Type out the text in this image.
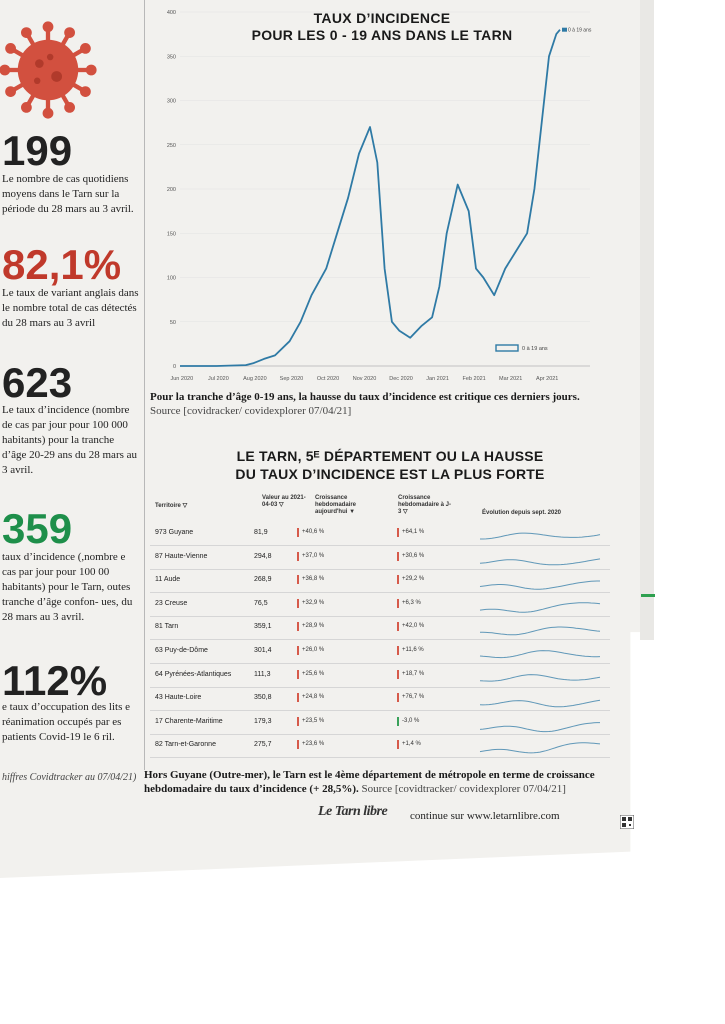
199
Le nombre de cas quotidiens moyens dans le Tarn sur la période du 28 mars au 3 avril.
82,1%
Le taux de variant anglais dans le nombre total de cas détectés du 28 mars au 3 avril
623
Le taux d’incidence (nombre de cas par jour pour 100 000 habitants) pour la tranche d’âge 20-29 ans du 28 mars au 3 avril.
359
taux d’incidence (,nombre e cas par jour pour 100 00 habitants) pour le Tarn, outes tranche d’âge confon- ues, du 28 mars au 3 avril.
112%
e taux d’occupation des lits e réanimation occupés par es patients Covid-19 le 6 ril.
hiffres Covidtracker au 07/04/21)
0
50
100
150
200
250
300
350
400
Jun 2020	Jul 2020	Aug 2020 Sep 2020 Oct 2020 Nov 2020 Dec 2020 Jan 2021 Feb 2021 Mar 2021 Apr 2021
0 à 19 ans
0 à 19 ans
TAUX D’INCIDENCE
POUR LES 0 - 19 ANS DANS LE TARN
Pour la tranche d’âge 0-19 ans, la hausse du taux d’incidence est critique ces derniers jours.
Source [covidracker/ covidexplorer 07/04/21]
LE TARN, 5ᴱ DÉPARTEMENT OU LA HAUSSE
DU TAUX D’INCIDENCE EST LA PLUS FORTE
Territoire ▽
Valeur au 2021-04-03 ▽
Croissance hebdomadaire aujourd'hui ▼
Croissance hebdomadaire à J-3 ▽	Évolution depuis sept. 2020
973 Guyane	81,9	+40,6 %	+64,1 %
87 Haute-Vienne	294,8	+37,0 %	+30,6 %
11 Aude	268,9	+36,8 %	+29,2 %
23 Creuse	76,5	+32,9 %	+6,3 %
81 Tarn	359,1	+28,9 %	+42,0 %
63 Puy-de-Dôme	301,4	+26,0 %	+11,6 %
64 Pyrénées-Atlantiques	111,3	+25,6 %	+18,7 %
43 Haute-Loire	350,8	+24,8 %	+76,7 %
17 Charente-Maritime	179,3	+23,5 %	-3,0 %
82 Tarn-et-Garonne	275,7	+23,6 %	+1,4 %
Hors Guyane (Outre-mer), le Tarn est le 4ème département de métropole en terme de croissance hebdomadaire du taux d’incidence (+ 28,5%). Source [covidtracker/ covidexplorer 07/04/21]
Le Tarn libre continue sur www.letarnlibre.com
